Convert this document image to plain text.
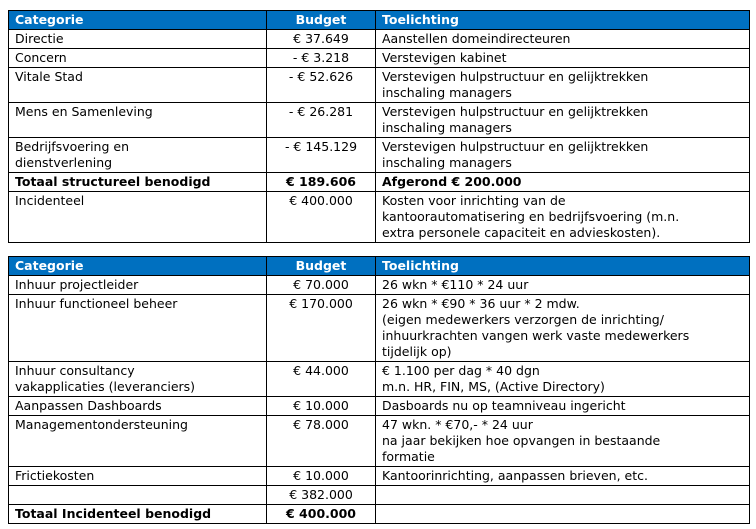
Categorie	Budget	Toelichting

Directie	€ 37.649	Aanstellen domeindirecteuren

Concern	- € 3.218	Verstevigen kabinet

Vitale Stad	- € 52.626	Verstevigen hulpstructuur en gelijktrekken
inschaling managers

Mens en Samenleving	- € 26.281	Verstevigen hulpstructuur en gelijktrekken
inschaling managers

Bedrijfsvoering en
dienstverlening	- € 145.129	Verstevigen hulpstructuur en gelijktrekken
inschaling managers

Totaal structureel benodigd	€ 189.606	Afgerond € 200.000

Incidenteel	€ 400.000	Kosten voor inrichting van de
kantoorautomatisering en bedrijfsvoering (m.n.
extra personele capaciteit en advieskosten).
Categorie	Budget	Toelichting

Inhuur projectleider	€ 70.000	26 wkn * €110 * 24 uur

Inhuur functioneel beheer	€ 170.000	26 wkn * €90 * 36 uur * 2 mdw.
(eigen medewerkers verzorgen de inrichting/
inhuurkrachten vangen werk vaste medewerkers
tijdelijk op)

Inhuur consultancy
vakapplicaties (leveranciers)	€ 44.000	€ 1.100 per dag * 40 dgn
m.n. HR, FIN, MS, (Active Directory)

Aanpassen Dashboards	€ 10.000	Dasboards nu op teamniveau ingericht

Managementondersteuning	€ 78.000	47 wkn. * €70,- * 24 uur
na jaar bekijken hoe opvangen in bestaande
formatie

Frictiekosten	€ 10.000	Kantoorinrichting, aanpassen brieven, etc.

	€ 382.000	

Totaal Incidenteel benodigd	€ 400.000	
